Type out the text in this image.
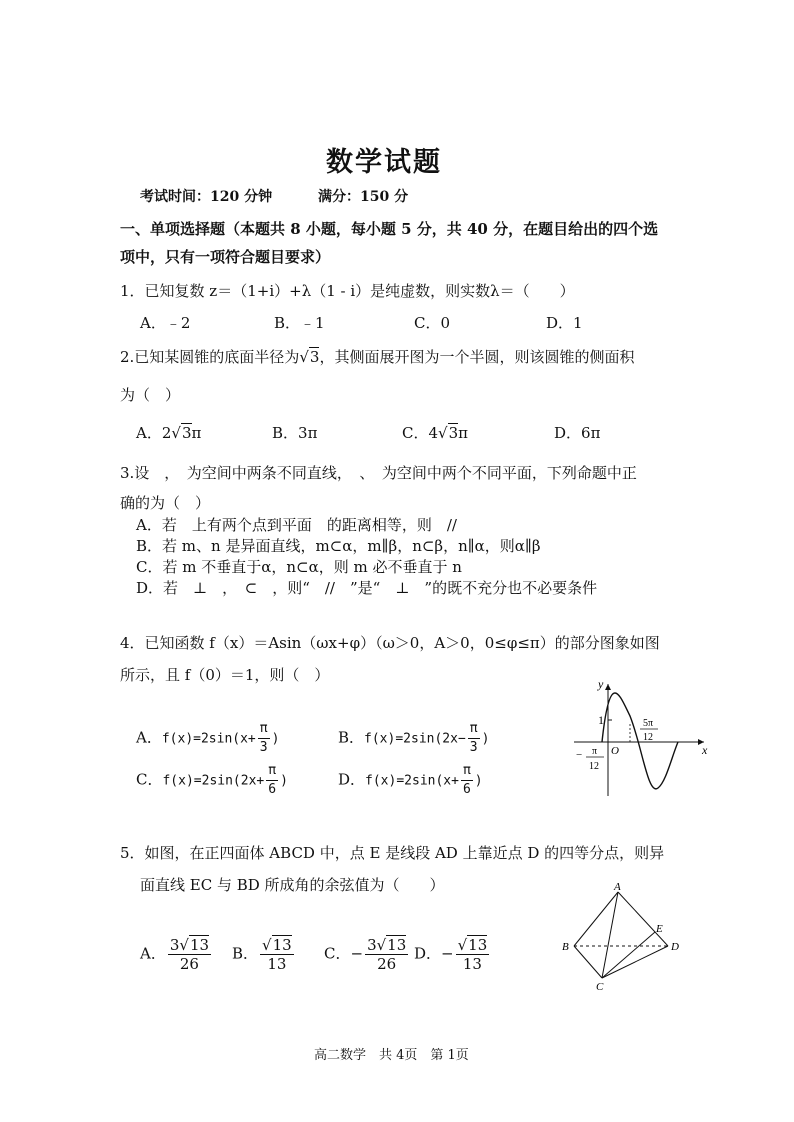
数学试题
考试时间：120 分钟	满分：150 分
一、单项选择题（本题共 8 小题，每小题 5 分，共 40 分，在题目给出的四个选
项中，只有一项符合题目要求）
1．已知复数 z＝（1+i）+λ（1 - i）是纯虚数，则实数λ＝（　　）
A．﹣2	B．﹣1	C．0	D．1
2.已知某圆锥的底面半径为√3，其侧面展开图为一个半圆，则该圆锥的侧面积
为（　）
A．2√3π	B．3π	C．4√3π	D．6π
3.设　，　为空间中两条不同直线，　、　为空间中两个不同平面，下列命题中正
确的为（　）
A．若　上有两个点到平面　的距离相等，则　//
B．若 m、n 是异面直线，m⊂α，m∥β，n⊂β，n∥α，则α∥β
C．若 m 不垂直于α，n⊂α，则 m 必不垂直于 n
D．若　⊥　，　⊂　，则“　//　”是“　⊥　”的既不充分也不必要条件
4．已知函数 f（x）＝Asin（ωx+φ）（ω＞0，A＞0，0≤φ≤π）的部分图象如图
所示，且 f（0）＝1，则（　）
A．$f(x)=2\sin(x+ \frac{\pi}{3}$ )	B．$f(x)=2\sin(2x- \frac{\pi}{3}$ )
C．$f(x)=2\sin(2x+ \frac{\pi}{6}$ )	D．$f(x)=2\sin(x+ \frac{\pi}{6}$ )
y
x
1
O
− π
12
5π
12
5．如图，在正四面体 ABCD 中，点 E 是线段 AD 上靠近点 D 的四等分点，则异
面直线 EC 与 BD 所成角的余弦值为（　　）
A． $\frac{3√13}{26}$ B． $\frac{√13}{13}$ C．− $\frac{3√13}{26}$ D．− $\frac{√13}{13}$
A
B
C
D
E
高二数学　共 4页　第 1页
